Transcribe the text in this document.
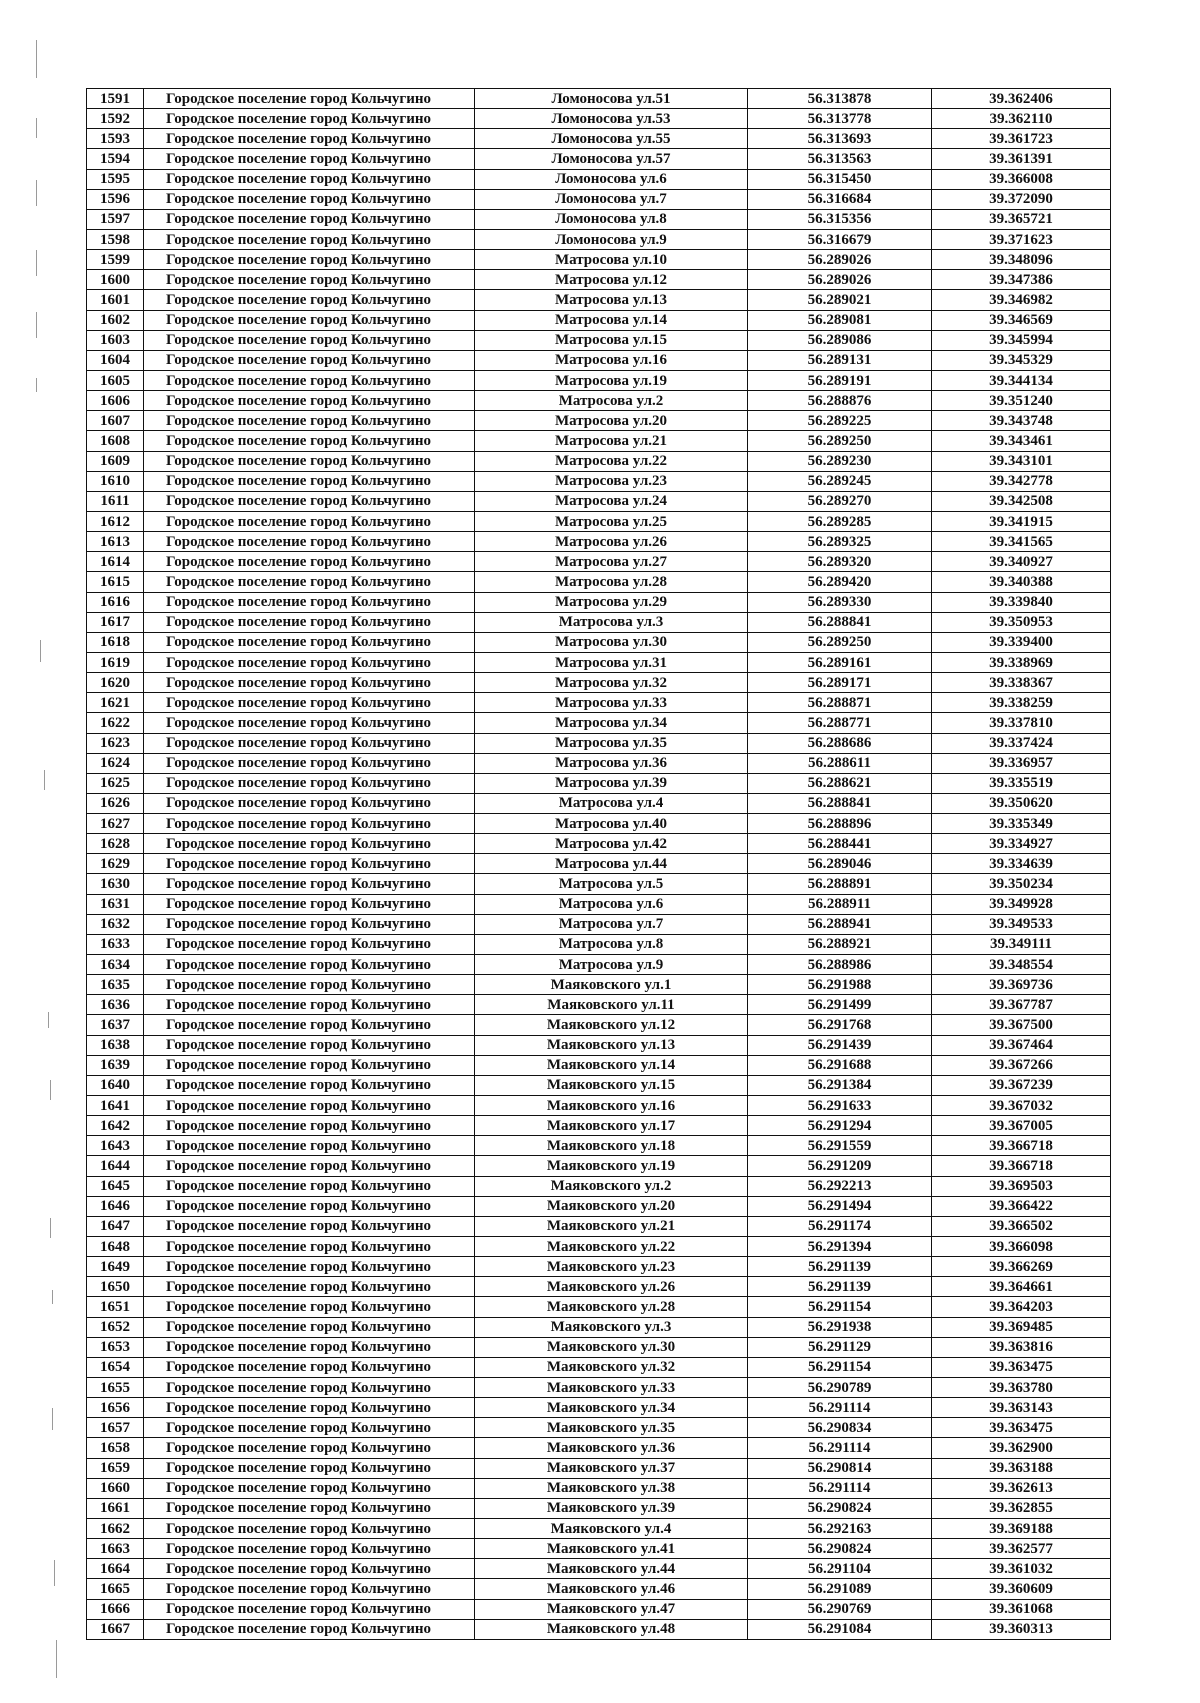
1591	Городское поселение город Кольчугино	Ломоносова ул.51	56.313878	39.362406
1592	Городское поселение город Кольчугино	Ломоносова ул.53	56.313778	39.362110
1593	Городское поселение город Кольчугино	Ломоносова ул.55	56.313693	39.361723
1594	Городское поселение город Кольчугино	Ломоносова ул.57	56.313563	39.361391
1595	Городское поселение город Кольчугино	Ломоносова ул.6	56.315450	39.366008
1596	Городское поселение город Кольчугино	Ломоносова ул.7	56.316684	39.372090
1597	Городское поселение город Кольчугино	Ломоносова ул.8	56.315356	39.365721
1598	Городское поселение город Кольчугино	Ломоносова ул.9	56.316679	39.371623
1599	Городское поселение город Кольчугино	Матросова ул.10	56.289026	39.348096
1600	Городское поселение город Кольчугино	Матросова ул.12	56.289026	39.347386
1601	Городское поселение город Кольчугино	Матросова ул.13	56.289021	39.346982
1602	Городское поселение город Кольчугино	Матросова ул.14	56.289081	39.346569
1603	Городское поселение город Кольчугино	Матросова ул.15	56.289086	39.345994
1604	Городское поселение город Кольчугино	Матросова ул.16	56.289131	39.345329
1605	Городское поселение город Кольчугино	Матросова ул.19	56.289191	39.344134
1606	Городское поселение город Кольчугино	Матросова ул.2	56.288876	39.351240
1607	Городское поселение город Кольчугино	Матросова ул.20	56.289225	39.343748
1608	Городское поселение город Кольчугино	Матросова ул.21	56.289250	39.343461
1609	Городское поселение город Кольчугино	Матросова ул.22	56.289230	39.343101
1610	Городское поселение город Кольчугино	Матросова ул.23	56.289245	39.342778
1611	Городское поселение город Кольчугино	Матросова ул.24	56.289270	39.342508
1612	Городское поселение город Кольчугино	Матросова ул.25	56.289285	39.341915
1613	Городское поселение город Кольчугино	Матросова ул.26	56.289325	39.341565
1614	Городское поселение город Кольчугино	Матросова ул.27	56.289320	39.340927
1615	Городское поселение город Кольчугино	Матросова ул.28	56.289420	39.340388
1616	Городское поселение город Кольчугино	Матросова ул.29	56.289330	39.339840
1617	Городское поселение город Кольчугино	Матросова ул.3	56.288841	39.350953
1618	Городское поселение город Кольчугино	Матросова ул.30	56.289250	39.339400
1619	Городское поселение город Кольчугино	Матросова ул.31	56.289161	39.338969
1620	Городское поселение город Кольчугино	Матросова ул.32	56.289171	39.338367
1621	Городское поселение город Кольчугино	Матросова ул.33	56.288871	39.338259
1622	Городское поселение город Кольчугино	Матросова ул.34	56.288771	39.337810
1623	Городское поселение город Кольчугино	Матросова ул.35	56.288686	39.337424
1624	Городское поселение город Кольчугино	Матросова ул.36	56.288611	39.336957
1625	Городское поселение город Кольчугино	Матросова ул.39	56.288621	39.335519
1626	Городское поселение город Кольчугино	Матросова ул.4	56.288841	39.350620
1627	Городское поселение город Кольчугино	Матросова ул.40	56.288896	39.335349
1628	Городское поселение город Кольчугино	Матросова ул.42	56.288441	39.334927
1629	Городское поселение город Кольчугино	Матросова ул.44	56.289046	39.334639
1630	Городское поселение город Кольчугино	Матросова ул.5	56.288891	39.350234
1631	Городское поселение город Кольчугино	Матросова ул.6	56.288911	39.349928
1632	Городское поселение город Кольчугино	Матросова ул.7	56.288941	39.349533
1633	Городское поселение город Кольчугино	Матросова ул.8	56.288921	39.349111
1634	Городское поселение город Кольчугино	Матросова ул.9	56.288986	39.348554
1635	Городское поселение город Кольчугино	Маяковского ул.1	56.291988	39.369736
1636	Городское поселение город Кольчугино	Маяковского ул.11	56.291499	39.367787
1637	Городское поселение город Кольчугино	Маяковского ул.12	56.291768	39.367500
1638	Городское поселение город Кольчугино	Маяковского ул.13	56.291439	39.367464
1639	Городское поселение город Кольчугино	Маяковского ул.14	56.291688	39.367266
1640	Городское поселение город Кольчугино	Маяковского ул.15	56.291384	39.367239
1641	Городское поселение город Кольчугино	Маяковского ул.16	56.291633	39.367032
1642	Городское поселение город Кольчугино	Маяковского ул.17	56.291294	39.367005
1643	Городское поселение город Кольчугино	Маяковского ул.18	56.291559	39.366718
1644	Городское поселение город Кольчугино	Маяковского ул.19	56.291209	39.366718
1645	Городское поселение город Кольчугино	Маяковского ул.2	56.292213	39.369503
1646	Городское поселение город Кольчугино	Маяковского ул.20	56.291494	39.366422
1647	Городское поселение город Кольчугино	Маяковского ул.21	56.291174	39.366502
1648	Городское поселение город Кольчугино	Маяковского ул.22	56.291394	39.366098
1649	Городское поселение город Кольчугино	Маяковского ул.23	56.291139	39.366269
1650	Городское поселение город Кольчугино	Маяковского ул.26	56.291139	39.364661
1651	Городское поселение город Кольчугино	Маяковского ул.28	56.291154	39.364203
1652	Городское поселение город Кольчугино	Маяковского ул.3	56.291938	39.369485
1653	Городское поселение город Кольчугино	Маяковского ул.30	56.291129	39.363816
1654	Городское поселение город Кольчугино	Маяковского ул.32	56.291154	39.363475
1655	Городское поселение город Кольчугино	Маяковского ул.33	56.290789	39.363780
1656	Городское поселение город Кольчугино	Маяковского ул.34	56.291114	39.363143
1657	Городское поселение город Кольчугино	Маяковского ул.35	56.290834	39.363475
1658	Городское поселение город Кольчугино	Маяковского ул.36	56.291114	39.362900
1659	Городское поселение город Кольчугино	Маяковского ул.37	56.290814	39.363188
1660	Городское поселение город Кольчугино	Маяковского ул.38	56.291114	39.362613
1661	Городское поселение город Кольчугино	Маяковского ул.39	56.290824	39.362855
1662	Городское поселение город Кольчугино	Маяковского ул.4	56.292163	39.369188
1663	Городское поселение город Кольчугино	Маяковского ул.41	56.290824	39.362577
1664	Городское поселение город Кольчугино	Маяковского ул.44	56.291104	39.361032
1665	Городское поселение город Кольчугино	Маяковского ул.46	56.291089	39.360609
1666	Городское поселение город Кольчугино	Маяковского ул.47	56.290769	39.361068
1667	Городское поселение город Кольчугино	Маяковского ул.48	56.291084	39.360313
